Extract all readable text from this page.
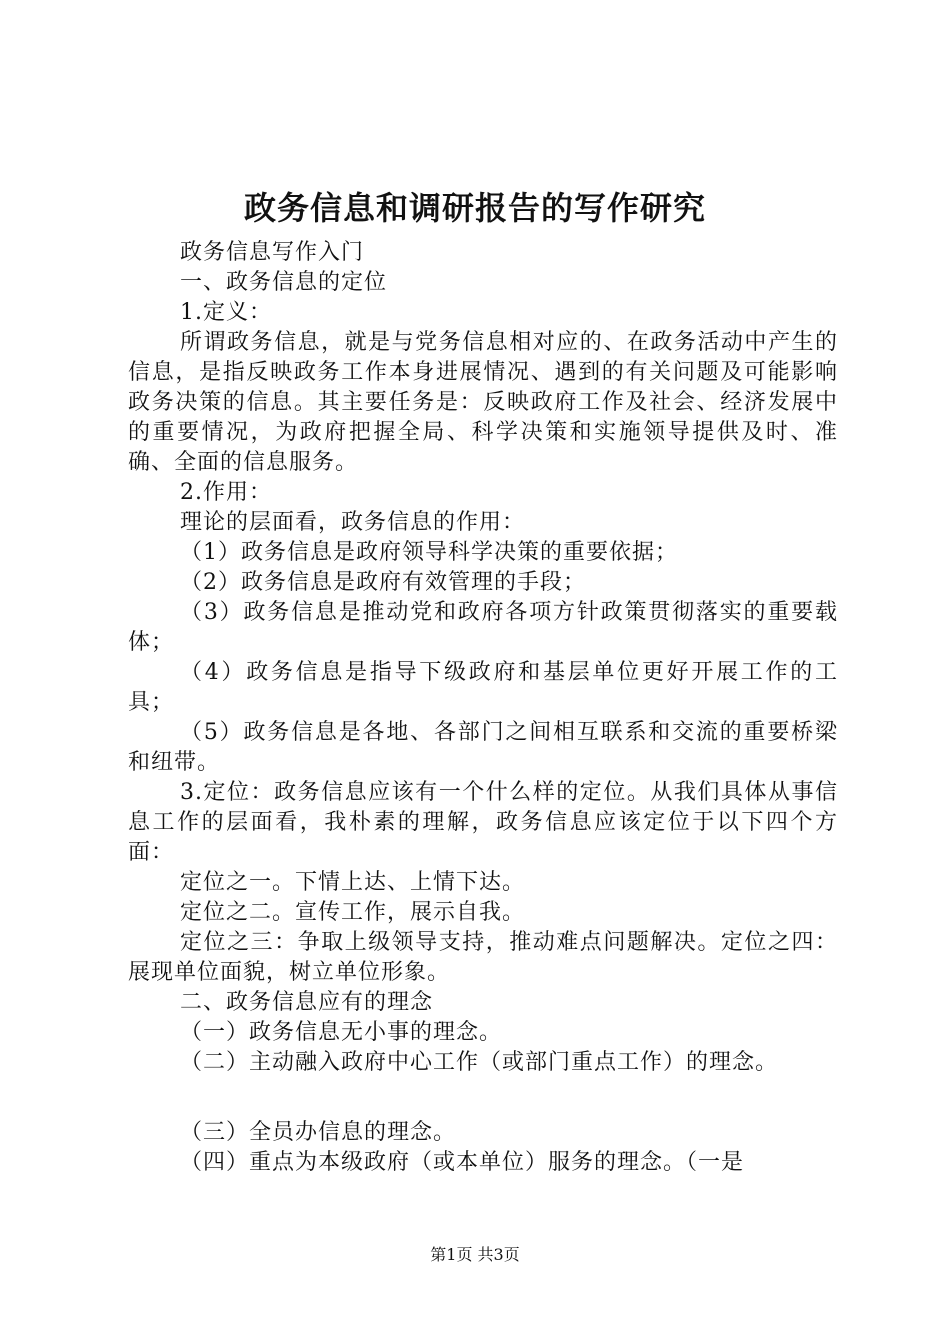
政务信息和调研报告的写作研究

政务信息写作入门

一、政务信息的定位

1.定义：

所谓政务信息，就是与党务信息相对应的、在政务活动中产生的信息，是指反映政务工作本身进展情况、遇到的有关问题及可能影响政务决策的信息。其主要任务是：反映政府工作及社会、经济发展中的重要情况，为政府把握全局、科学决策和实施领导提供及时、准确、全面的信息服务。

2.作用：

理论的层面看，政务信息的作用：

（1）政务信息是政府领导科学决策的重要依据；

（2）政务信息是政府有效管理的手段；

（3）政务信息是推动党和政府各项方针政策贯彻落实的重要载体；

（4）政务信息是指导下级政府和基层单位更好开展工作的工具；

（5）政务信息是各地、各部门之间相互联系和交流的重要桥梁和纽带。

3.定位：政务信息应该有一个什么样的定位。从我们具体从事信息工作的层面看，我朴素的理解，政务信息应该定位于以下四个方面：

定位之一。下情上达、上情下达。

定位之二。宣传工作，展示自我。

定位之三：争取上级领导支持，推动难点问题解决。定位之四：展现单位面貌，树立单位形象。

二、政务信息应有的理念

（一）政务信息无小事的理念。

（二）主动融入政府中心工作（或部门重点工作）的理念。

（三）全员办信息的理念。

（四）重点为本级政府（或本单位）服务的理念。（一是

第1页 共3页
